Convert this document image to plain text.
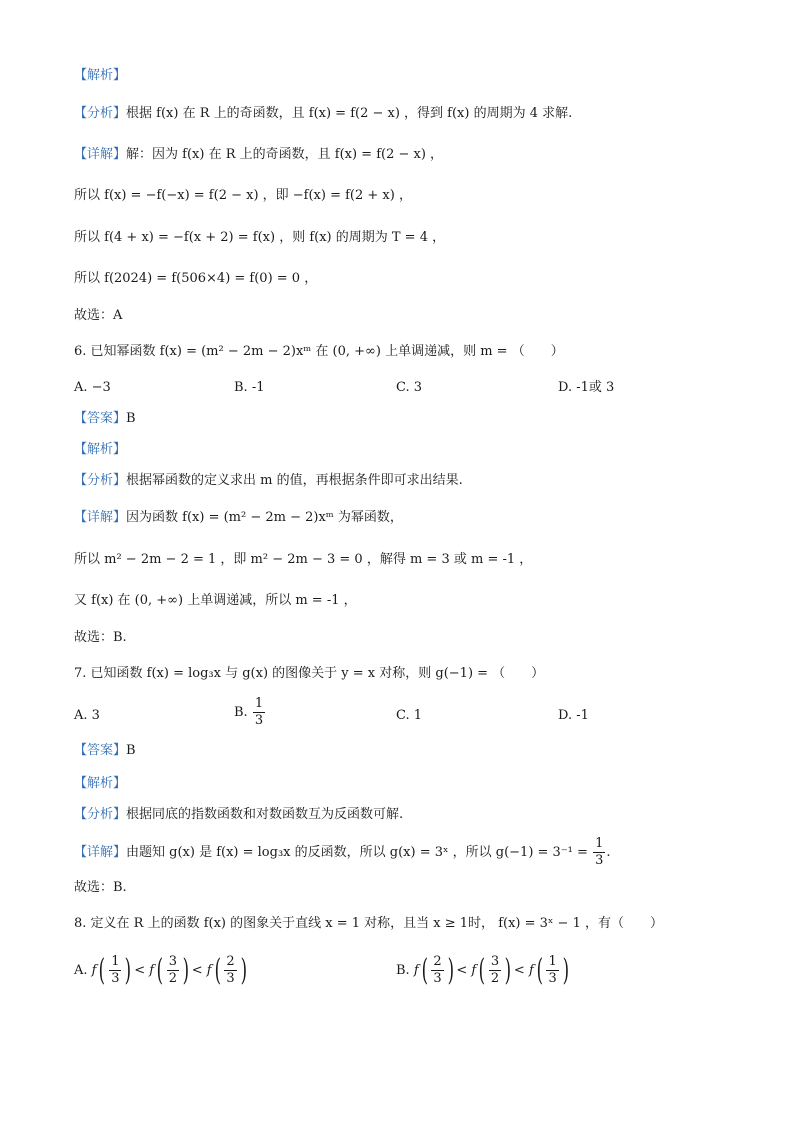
【解析】
【分析】根据 f(x) 在 R 上的奇函数，且 f(x) = f(2 − x) ，得到 f(x) 的周期为 4 求解.
【详解】解：因为 f(x) 在 R 上的奇函数，且 f(x) = f(2 − x) ，
所以 f(x) = −f(−x) = f(2 − x) ，即 −f(x) = f(2 + x) ，
所以 f(4 + x) = −f(x + 2) = f(x) ，则 f(x) 的周期为 T = 4 ，
所以 f(2024) = f(506×4) = f(0) = 0 ，
故选：A
6. 已知幂函数 f(x) = (m² − 2m − 2)xᵐ 在 (0, +∞) 上单调递减，则 m = （　　）
A. −3	B. -1	C. 3	D. -1或 3
【答案】B
【解析】
【分析】根据幂函数的定义求出 m 的值，再根据条件即可求出结果.
【详解】因为函数 f(x) = (m² − 2m − 2)xᵐ 为幂函数，
所以 m² − 2m − 2 = 1 ，即 m² − 2m − 3 = 0 ，解得 m = 3 或 m = -1 ，
又 f(x) 在 (0, +∞) 上单调递减，所以 m = -1 ，
故选：B.
7. 已知函数 f(x) = log₃x 与 g(x) 的图像关于 y = x 对称，则 g(−1) = （　　）
A. 3	B. $\frac{1}{3}$	C. 1	D. -1
【答案】B
【解析】
【分析】根据同底的指数函数和对数函数互为反函数可解.
【详解】由题知 g(x) 是 f(x) = log₃x 的反函数，所以 g(x) = 3ˣ ，所以 $g(-1) = 3^{-1} = \frac{1}{3}$ .
故选：B.
8. 定义在 R 上的函数 f(x) 的图象关于直线 x = 1 对称，且当 x ≥ 1时， f(x) = 3ˣ − 1 ，有（　　）
A. $f( \frac{1}{3}$ ) < $f( \frac{3}{2}$ ) < $f( \frac{2}{3}$ )	B. $f( \frac{2}{3}$ ) < $f( \frac{3}{2}$ ) < $f( \frac{1}{3}$ )
